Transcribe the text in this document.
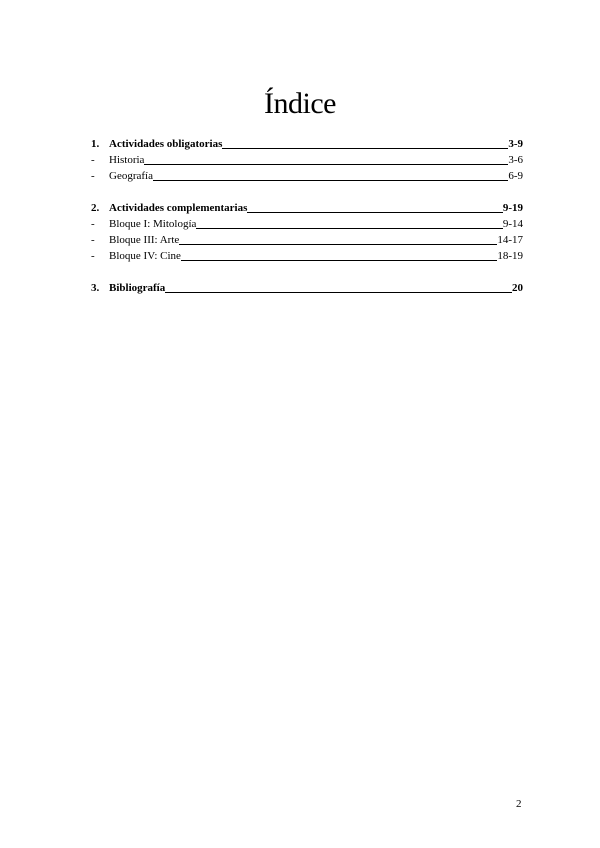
Índice
1. Actividades obligatorias	3-9
-	Historia	3-6
-	Geografía	6-9
2. Actividades complementarias	9-19
-	Bloque I: Mitología	9-14
-	Bloque III: Arte	14-17
-	Bloque IV: Cine	18-19
3. Bibliografía	20
2
